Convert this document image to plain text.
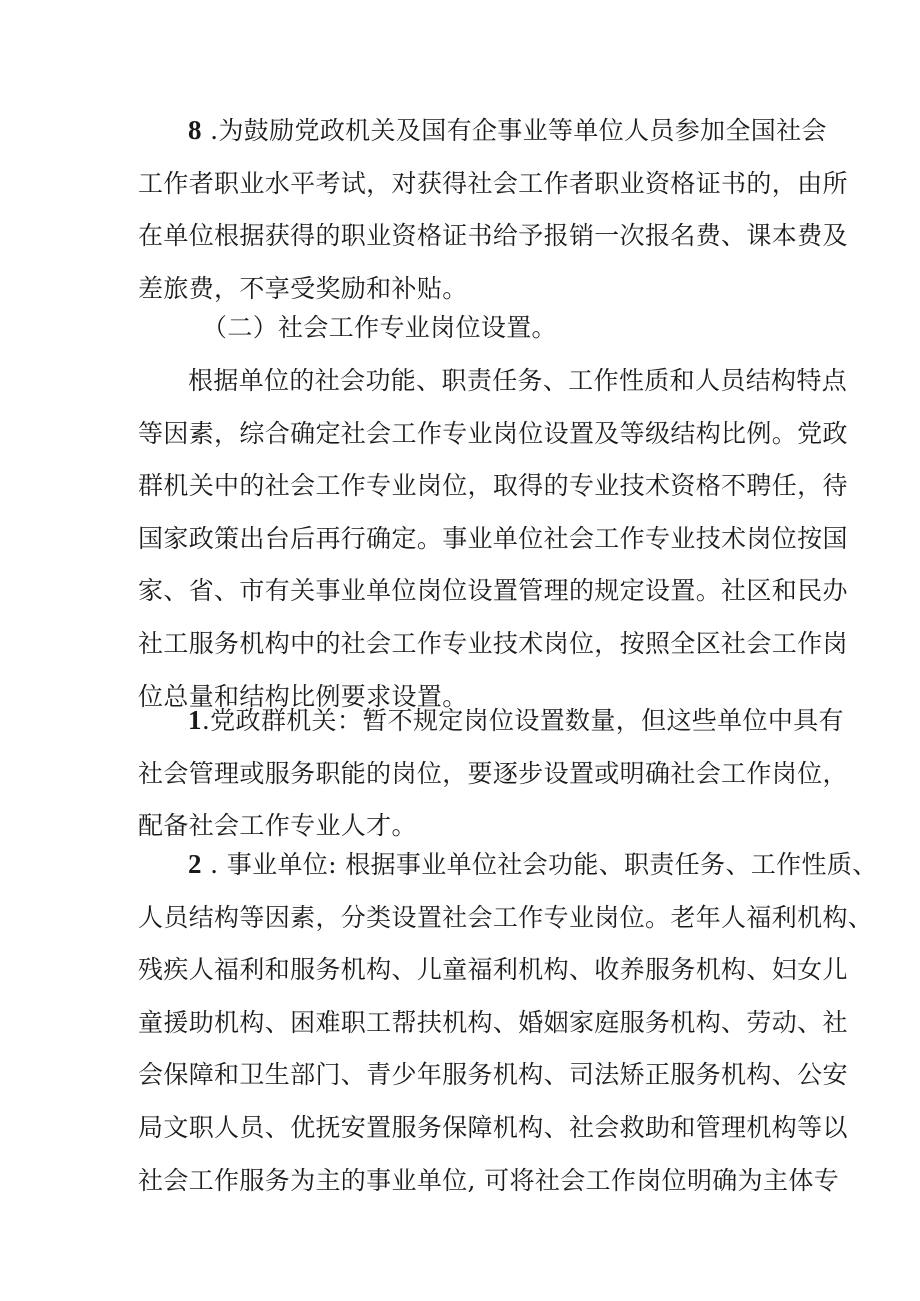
8 .为鼓励党政机关及国有企事业等单位人员参加全国社会
工作者职业水平考试，对获得社会工作者职业资格证书的，由所
在单位根据获得的职业资格证书给予报销一次报名费、课本费及
差旅费，不享受奖励和补贴。
（二）社会工作专业岗位设置。
根据单位的社会功能、职责任务、工作性质和人员结构特点
等因素，综合确定社会工作专业岗位设置及等级结构比例。党政
群机关中的社会工作专业岗位，取得的专业技术资格不聘任，待
国家政策出台后再行确定。事业单位社会工作专业技术岗位按国
家、省、市有关事业单位岗位设置管理的规定设置。社区和民办
社工服务机构中的社会工作专业技术岗位，按照全区社会工作岗
位总量和结构比例要求设置。
1.党政群机关：暂不规定岗位设置数量，但这些单位中具有
社会管理或服务职能的岗位，要逐步设置或明确社会工作岗位，
配备社会工作专业人才。
2 . 事业单位: 根据事业单位社会功能、职责任务、工作性质、
人员结构等因素，分类设置社会工作专业岗位。老年人福利机构、
残疾人福利和服务机构、儿童福利机构、收养服务机构、妇女儿
童援助机构、困难职工帮扶机构、婚姻家庭服务机构、劳动、社
会保障和卫生部门、青少年服务机构、司法矫正服务机构、公安
局文职人员、优抚安置服务保障机构、社会救助和管理机构等以
社会工作服务为主的事业单位, 可将社会工作岗位明确为主体专
